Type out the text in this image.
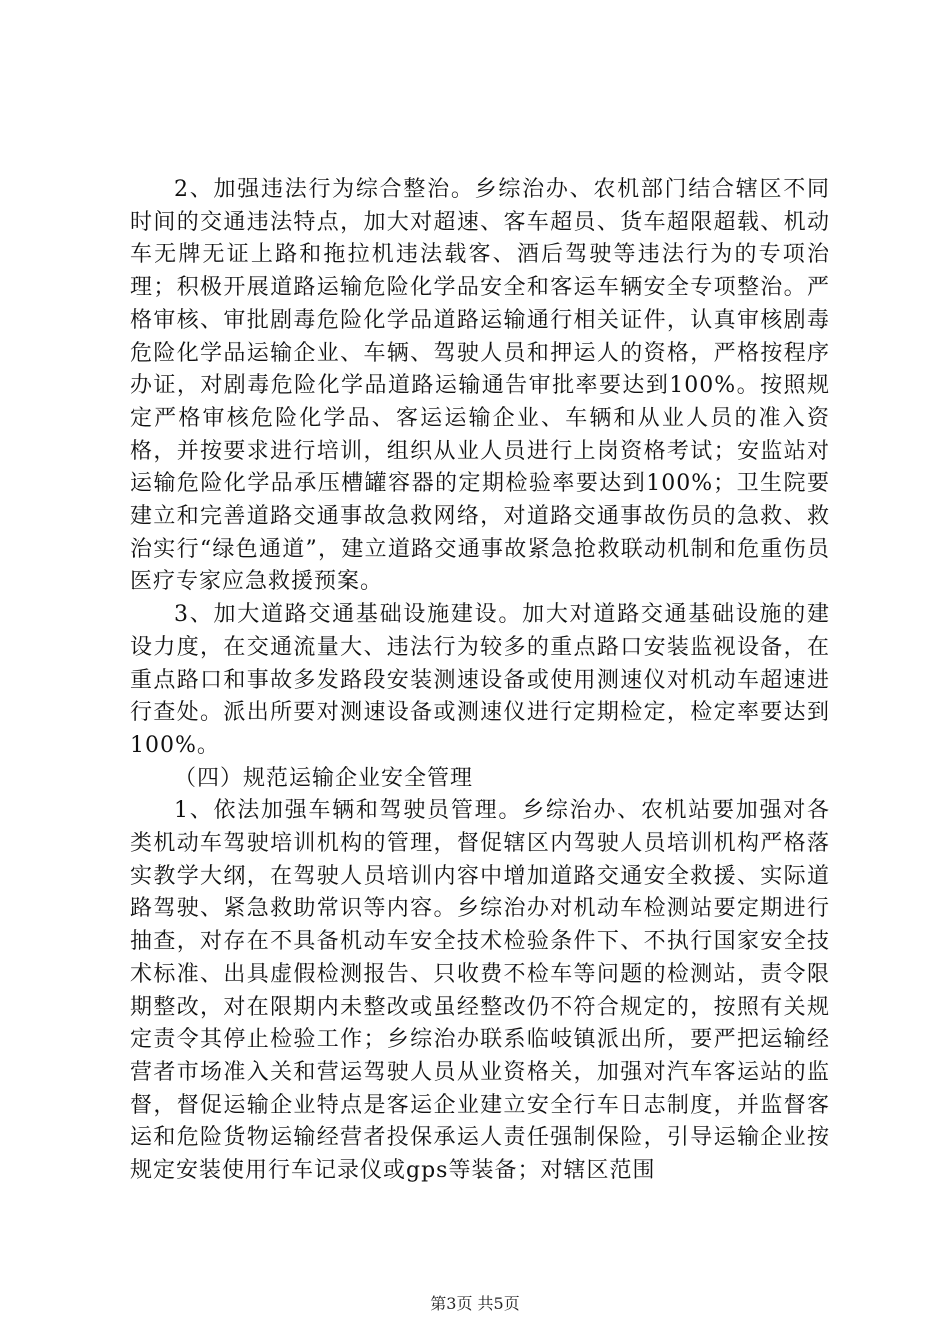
2、加强违法行为综合整治。乡综治办、农机部门结合辖区不同时间的交通违法特点，加大对超速、客车超员、货车超限超载、机动车无牌无证上路和拖拉机违法载客、酒后驾驶等违法行为的专项治理；积极开展道路运输危险化学品安全和客运车辆安全专项整治。严格审核、审批剧毒危险化学品道路运输通行相关证件，认真审核剧毒危险化学品运输企业、车辆、驾驶人员和押运人的资格，严格按程序办证，对剧毒危险化学品道路运输通告审批率要达到100%。按照规定严格审核危险化学品、客运运输企业、车辆和从业人员的准入资格，并按要求进行培训，组织从业人员进行上岗资格考试；安监站对运输危险化学品承压槽罐容器的定期检验率要达到100%；卫生院要建立和完善道路交通事故急救网络，对道路交通事故伤员的急救、救治实行“绿色通道”，建立道路交通事故紧急抢救联动机制和危重伤员医疗专家应急救援预案。

3、加大道路交通基础设施建设。加大对道路交通基础设施的建设力度，在交通流量大、违法行为较多的重点路口安装监视设备，在重点路口和事故多发路段安装测速设备或使用测速仪对机动车超速进行查处。派出所要对测速设备或测速仪进行定期检定，检定率要达到100%。

（四）规范运输企业安全管理

1、依法加强车辆和驾驶员管理。乡综治办、农机站要加强对各类机动车驾驶培训机构的管理，督促辖区内驾驶人员培训机构严格落实教学大纲，在驾驶人员培训内容中增加道路交通安全救援、实际道路驾驶、紧急救助常识等内容。乡综治办对机动车检测站要定期进行抽查，对存在不具备机动车安全技术检验条件下、不执行国家安全技术标准、出具虚假检测报告、只收费不检车等问题的检测站，责令限期整改，对在限期内未整改或虽经整改仍不符合规定的，按照有关规定责令其停止检验工作；乡综治办联系临岐镇派出所，要严把运输经营者市场准入关和营运驾驶人员从业资格关，加强对汽车客运站的监督，督促运输企业特点是客运企业建立安全行车日志制度，并监督客运和危险货物运输经营者投保承运人责任强制保险，引导运输企业按规定安装使用行车记录仪或gps等装备；对辖区范围

第3页 共5页
